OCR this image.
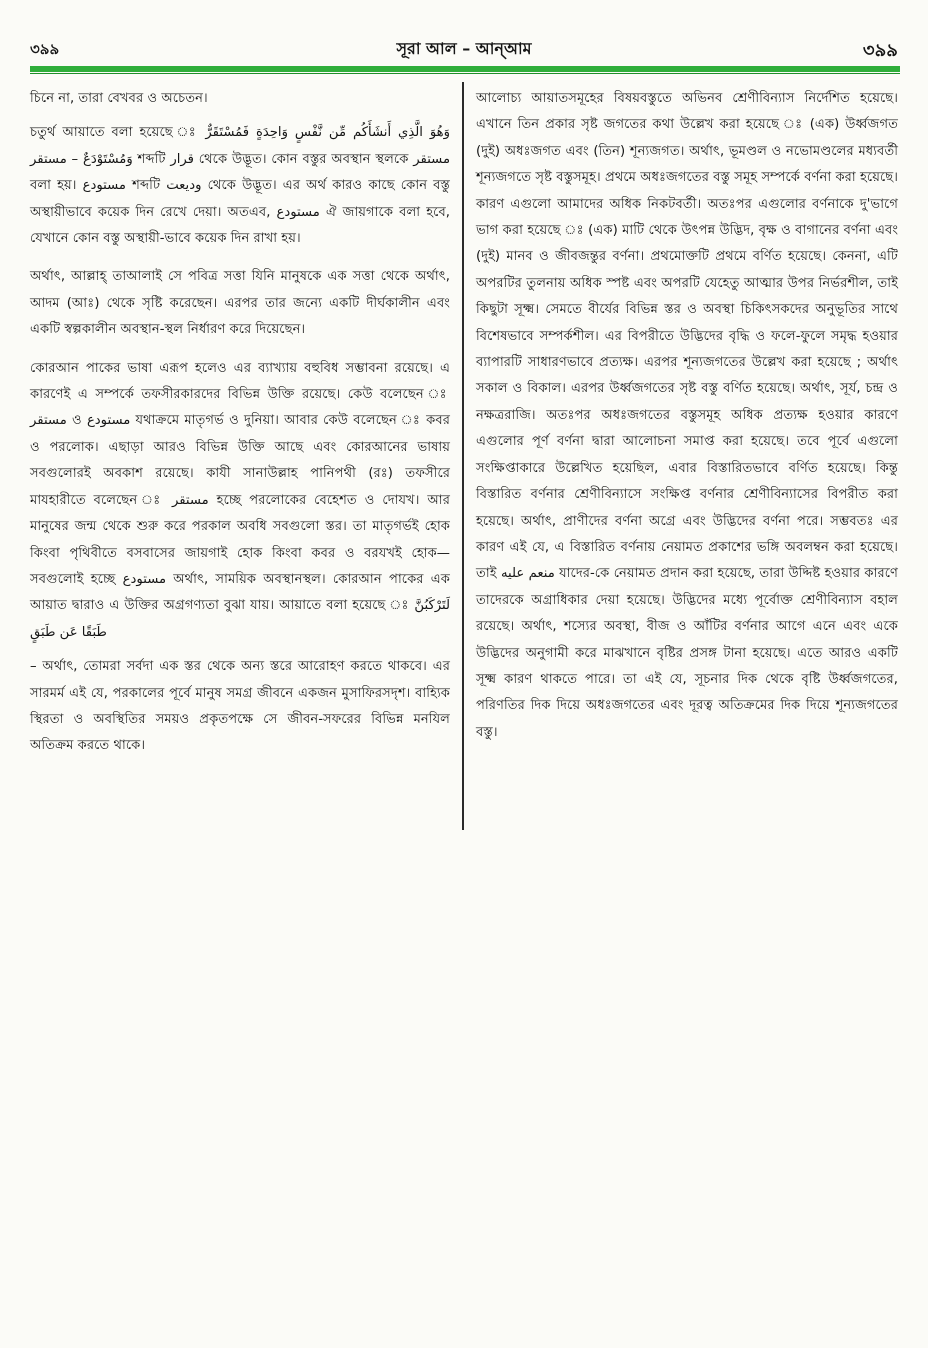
৩৯৯	সূরা আল – আন্‌আম	৩৯৯

চিনে না, তারা বেখবর ও অচেতন।

চতুর্থ আয়াতে বলা হয়েছে ঃ وَهُوَ الَّذِي أَنشَأَكُم مِّن نَّفْسٍ وَاحِدَةٍ فَمُسْتَقَرٌّ وَمُسْتَوْدَعٌ – مستقر শব্দটি قرار থেকে উদ্ভূত। কোন বস্তুর অবস্থান স্থলকে مستقر বলা হয়। مستودع শব্দটি وديعت থেকে উদ্ভূত। এর অর্থ কারও কাছে কোন বস্তু অস্থায়ীভাবে কয়েক দিন রেখে দেয়া। অতএব, مستودع ঐ জায়গাকে বলা হবে, যেখানে কোন বস্তু অস্থায়ী-ভাবে কয়েক দিন রাখা হয়।

অর্থাৎ, আল্লাহ্ তাআলাই সে পবিত্র সত্তা যিনি মানুষকে এক সত্তা থেকে অর্থাৎ, আদম (আঃ) থেকে সৃষ্টি করেছেন। এরপর তার জন্যে একটি দীর্ঘকালীন এবং একটি স্বল্পকালীন অবস্থান-স্থল নির্ধারণ করে দিয়েছেন।

কোরআন পাকের ভাষা এরূপ হলেও এর ব্যাখ্যায় বহুবিধ সম্ভাবনা রয়েছে। এ কারণেই এ সম্পর্কে তফসীরকারদের বিভিন্ন উক্তি রয়েছে। কেউ বলেছেন ঃ مستقر ও مستودع যথাক্রমে মাতৃগর্ভ ও দুনিয়া। আবার কেউ বলেছেন ঃ কবর ও পরলোক। এছাড়া আরও বিভিন্ন উক্তি আছে এবং কোরআনের ভাষায় সবগুলোরই অবকাশ রয়েছে। কাযী সানাউল্লাহ পানিপথী (রঃ) তফসীরে মাযহারীতে বলেছেন ঃ مستقر হচ্ছে পরলোকের বেহেশত ও দোযখ। আর মানুষের জন্ম থেকে শুরু করে পরকাল অবধি সবগুলো স্তর। তা মাতৃগর্ভই হোক কিংবা পৃথিবীতে বসবাসের জায়গাই হোক কিংবা কবর ও বরযখই হোক— সবগুলোই হচ্ছে مستودع অর্থাৎ, সাময়িক অবস্থানস্থল। কোরআন পাকের এক আয়াত দ্বারাও এ উক্তির অগ্রগণ্যতা বুঝা যায়। আয়াতে বলা হয়েছে ঃ لَتَرْكَبُنَّ طَبَقًا عَن طَبَقٍ

– অর্থাৎ, তোমরা সর্বদা এক স্তর থেকে অন্য স্তরে আরোহণ করতে থাকবে। এর সারমর্ম এই যে, পরকালের পূর্বে মানুষ সমগ্র জীবনে একজন মুসাফিরসদৃশ। বাহ্যিক স্থিরতা ও অবস্থিতির সময়ও প্রকৃতপক্ষে সে জীবন-সফরের বিভিন্ন মনযিল অতিক্রম করতে থাকে।

আলোচ্য আয়াতসমূহের বিষয়বস্তুতে অভিনব শ্রেণীবিন্যাস নির্দেশিত হয়েছে। এখানে তিন প্রকার সৃষ্ট জগতের কথা উল্লেখ করা হয়েছে ঃ (এক) উর্ধ্বজগত (দুই) অধঃজগত এবং (তিন) শূন্যজগত। অর্থাৎ, ভূমণ্ডল ও নভোমণ্ডলের মধ্যবর্তী শূন্যজগতে সৃষ্ট বস্তুসমূহ। প্রথমে অধঃজগতের বস্তু সমূহ সম্পর্কে বর্ণনা করা হয়েছে। কারণ এগুলো আমাদের অধিক নিকটবর্তী। অতঃপর এগুলোর বর্ণনাকে দু'ভাগে ভাগ করা হয়েছে ঃ (এক) মাটি থেকে উৎপন্ন উদ্ভিদ, বৃক্ষ ও বাগানের বর্ণনা এবং (দুই) মানব ও জীবজন্তুর বর্ণনা। প্রথমোক্তটি প্রথমে বর্ণিত হয়েছে। কেননা, এটি অপরটির তুলনায় অধিক স্পষ্ট এবং অপরটি যেহেতু আত্মার উপর নির্ভরশীল, তাই কিছুটা সূক্ষ্ম। সেমতে বীর্যের বিভিন্ন স্তর ও অবস্থা চিকিৎসকদের অনুভূতির সাথে বিশেষভাবে সম্পর্কশীল। এর বিপরীতে উদ্ভিদের বৃদ্ধি ও ফলে-ফুলে সমৃদ্ধ হওয়ার ব্যাপারটি সাধারণভাবে প্রত্যক্ষ। এরপর শূন্যজগতের উল্লেখ করা হয়েছে ; অর্থাৎ সকাল ও বিকাল। এরপর উর্ধ্বজগতের সৃষ্ট বস্তু বর্ণিত হয়েছে। অর্থাৎ, সূর্য, চন্দ্র ও নক্ষত্ররাজি। অতঃপর অধঃজগতের বস্তুসমূহ অধিক প্রত্যক্ষ হওয়ার কারণে এগুলোর পূর্ণ বর্ণনা দ্বারা আলোচনা সমাপ্ত করা হয়েছে। তবে পূর্বে এগুলো সংক্ষিপ্তাকারে উল্লেখিত হয়েছিল, এবার বিস্তারিতভাবে বর্ণিত হয়েছে। কিন্তু বিস্তারিত বর্ণনার শ্রেণীবিন্যাসে সংক্ষিপ্ত বর্ণনার শ্রেণীবিন্যাসের বিপরীত করা হয়েছে। অর্থাৎ, প্রাণীদের বর্ণনা অগ্রে এবং উদ্ভিদের বর্ণনা পরে। সম্ভবতঃ এর কারণ এই যে, এ বিস্তারিত বর্ণনায় নেয়ামত প্রকাশের ভঙ্গি অবলম্বন করা হয়েছে। তাই منعم عليه যাদের-কে নেয়ামত প্রদান করা হয়েছে, তারা উদ্দিষ্ট হওয়ার কারণে তাদেরকে অগ্রাধিকার দেয়া হয়েছে। উদ্ভিদের মধ্যে পূর্বোক্ত শ্রেণীবিন্যাস বহাল রয়েছে। অর্থাৎ, শস্যের অবস্থা, বীজ ও আঁটির বর্ণনার আগে এনে এবং একে উদ্ভিদের অনুগামী করে মাঝখানে বৃষ্টির প্রসঙ্গ টানা হয়েছে। এতে আরও একটি সূক্ষ্ম কারণ থাকতে পারে। তা এই যে, সূচনার দিক থেকে বৃষ্টি উর্ধ্বজগতের, পরিণতির দিক দিয়ে অধঃজগতের এবং দূরত্ব অতিক্রমের দিক দিয়ে শূন্যজগতের বস্তু।
